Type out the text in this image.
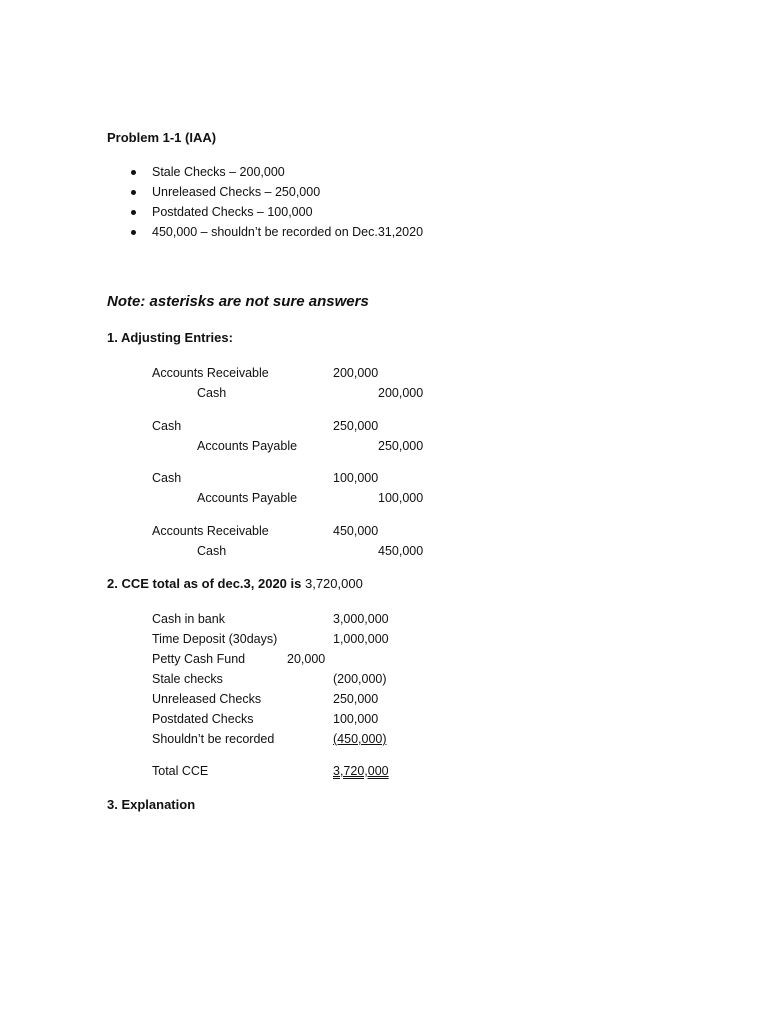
Problem 1-1 (IAA)
Stale Checks – 200,000
Unreleased Checks – 250,000
Postdated Checks – 100,000
450,000 – shouldn’t be recorded on Dec.31,2020
Note: asterisks are not sure answers
1. Adjusting Entries:
Accounts Receivable	200,000
Cash	200,000
Cash	250,000
Accounts Payable	250,000
Cash	100,000
Accounts Payable	100,000
Accounts Receivable	450,000
Cash	450,000
2. CCE total as of dec.3, 2020 is 3,720,000
Cash in bank	3,000,000
Time Deposit (30days)	1,000,000
Petty Cash Fund	20,000
Stale checks	(200,000)
Unreleased Checks	250,000
Postdated Checks	100,000
Shouldn’t be recorded	(450,000)
Total CCE	3,720,000
3. Explanation
